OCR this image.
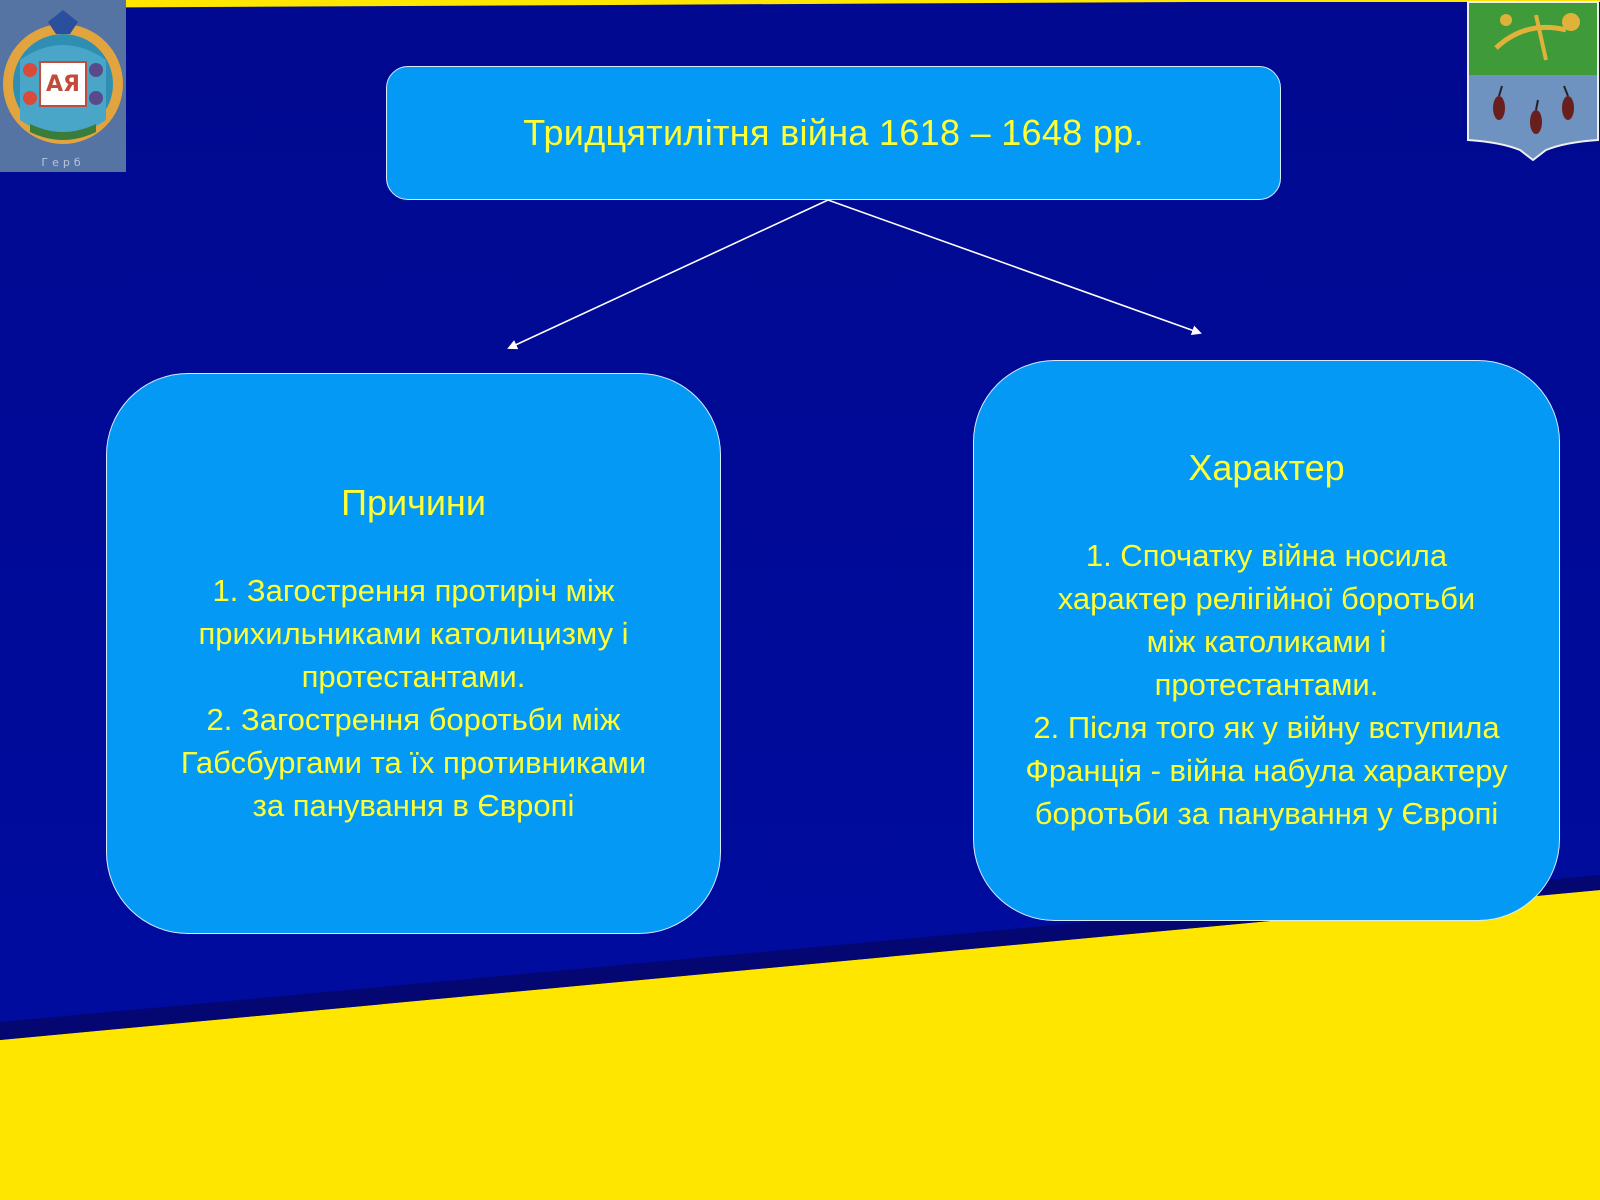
АЯ
Герб
Тридцятилітня війна 1618 – 1648 рр.
Причини
1. Загострення протиріч між
прихильниками католицизму і
протестантами.
2. Загострення боротьби між
Габсбургами та їх противниками
за панування в Європі
Характер
1. Спочатку війна носила
характер релігійної боротьби
між католиками і
протестантами.
2. Після того як у війну вступила
Франція - війна набула характеру
боротьби за панування у Європі
